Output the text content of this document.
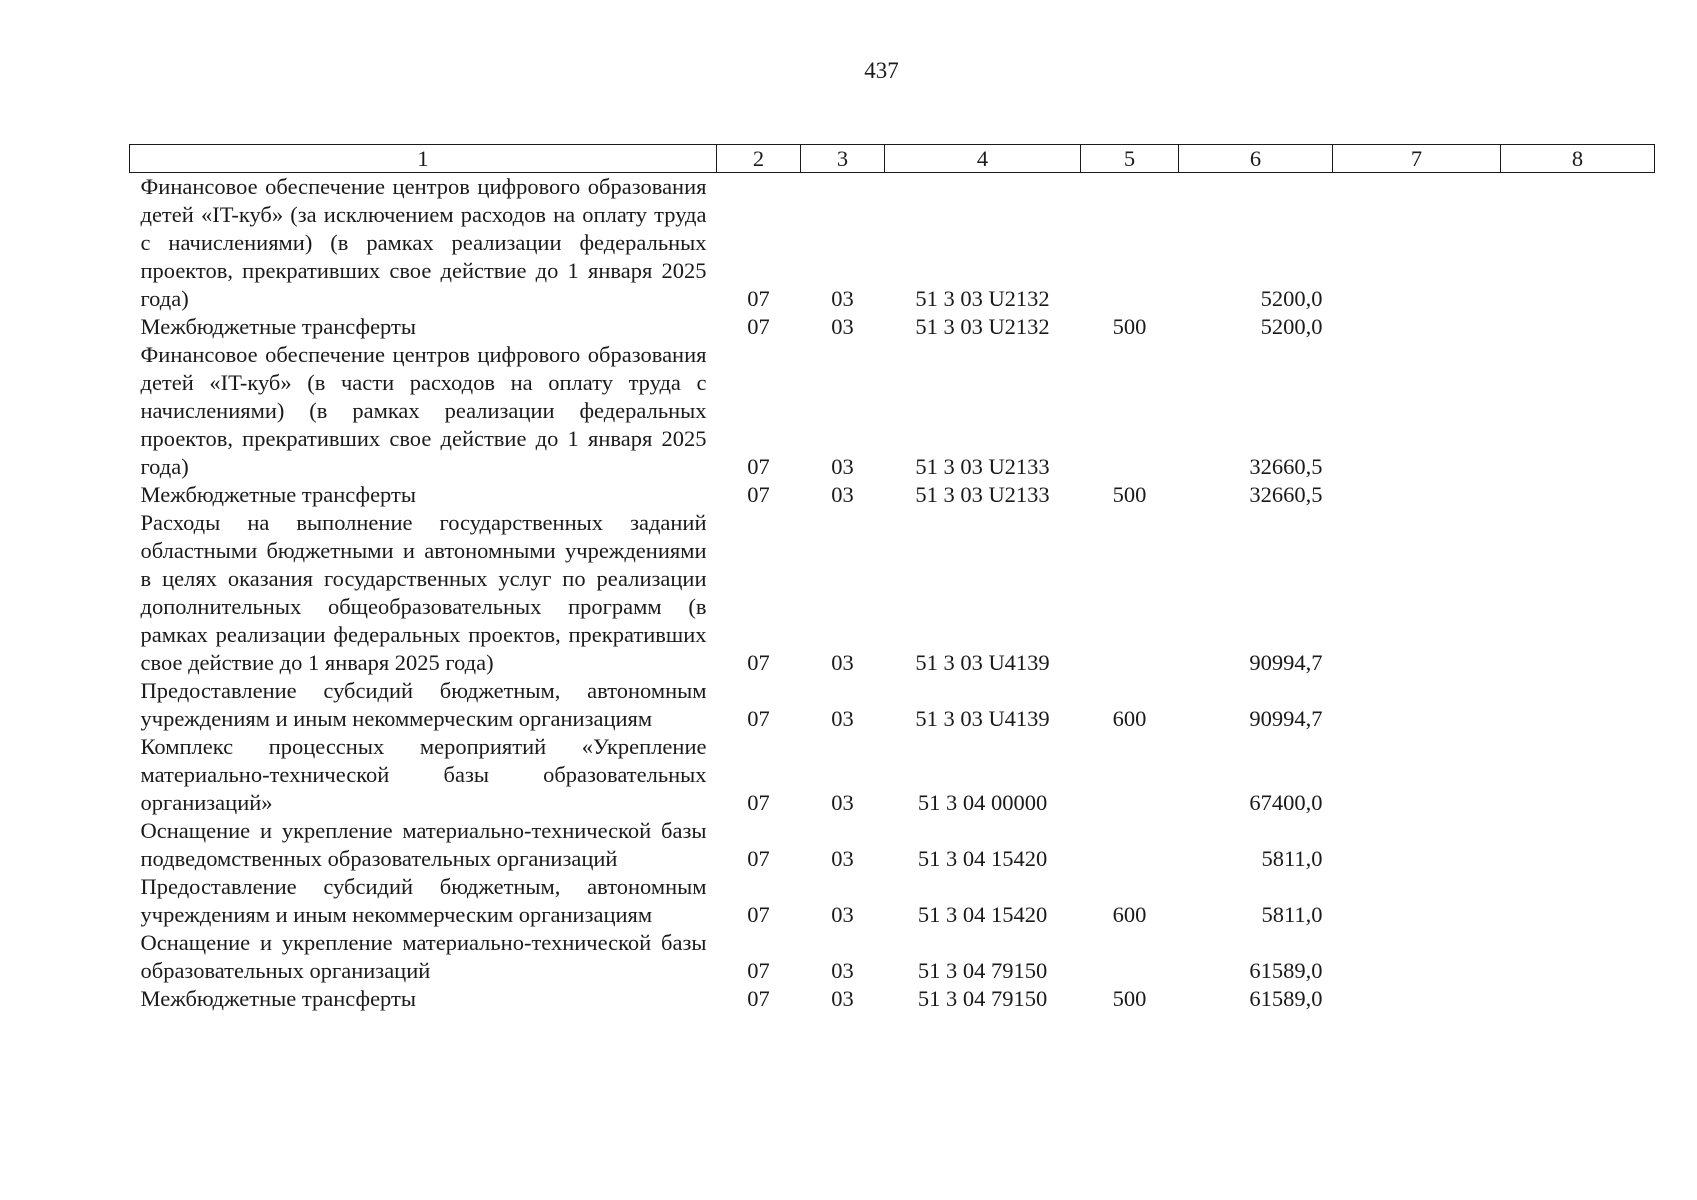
437
1	2	3	4	5	6	7	8
Финансовое обеспечение центров цифрового образования детей «IT-куб» (за исключением расходов на оплату труда с начислениями) (в рамках реализации федеральных проектов, прекративших свое действие до 1 января 2025 года)	07	03	51 3 03 U2132		5200,0		
Межбюджетные трансферты	07	03	51 3 03 U2132	500	5200,0		
Финансовое обеспечение центров цифрового образования детей «IT-куб» (в части расходов на оплату труда с начислениями) (в рамках реализации федеральных проектов, прекративших свое действие до 1 января 2025 года)	07	03	51 3 03 U2133		32660,5		
Межбюджетные трансферты	07	03	51 3 03 U2133	500	32660,5		
Расходы на выполнение государственных заданий областными бюджетными и автономными учреждениями в целях оказания государственных услуг по реализации дополнительных общеобразовательных программ (в рамках реализации федеральных проектов, прекративших свое действие до 1 января 2025 года)	07	03	51 3 03 U4139		90994,7		
Предоставление субсидий бюджетным, автономным учреждениям и иным некоммерческим организациям	07	03	51 3 03 U4139	600	90994,7		
Комплекс процессных мероприятий «Укрепление материально-технической базы образовательных организаций»	07	03	51 3 04 00000		67400,0		
Оснащение и укрепление материально-технической базы подведомственных образовательных организаций	07	03	51 3 04 15420		5811,0		
Предоставление субсидий бюджетным, автономным учреждениям и иным некоммерческим организациям	07	03	51 3 04 15420	600	5811,0		
Оснащение и укрепление материально-технической базы образовательных организаций	07	03	51 3 04 79150		61589,0		
Межбюджетные трансферты	07	03	51 3 04 79150	500	61589,0		
